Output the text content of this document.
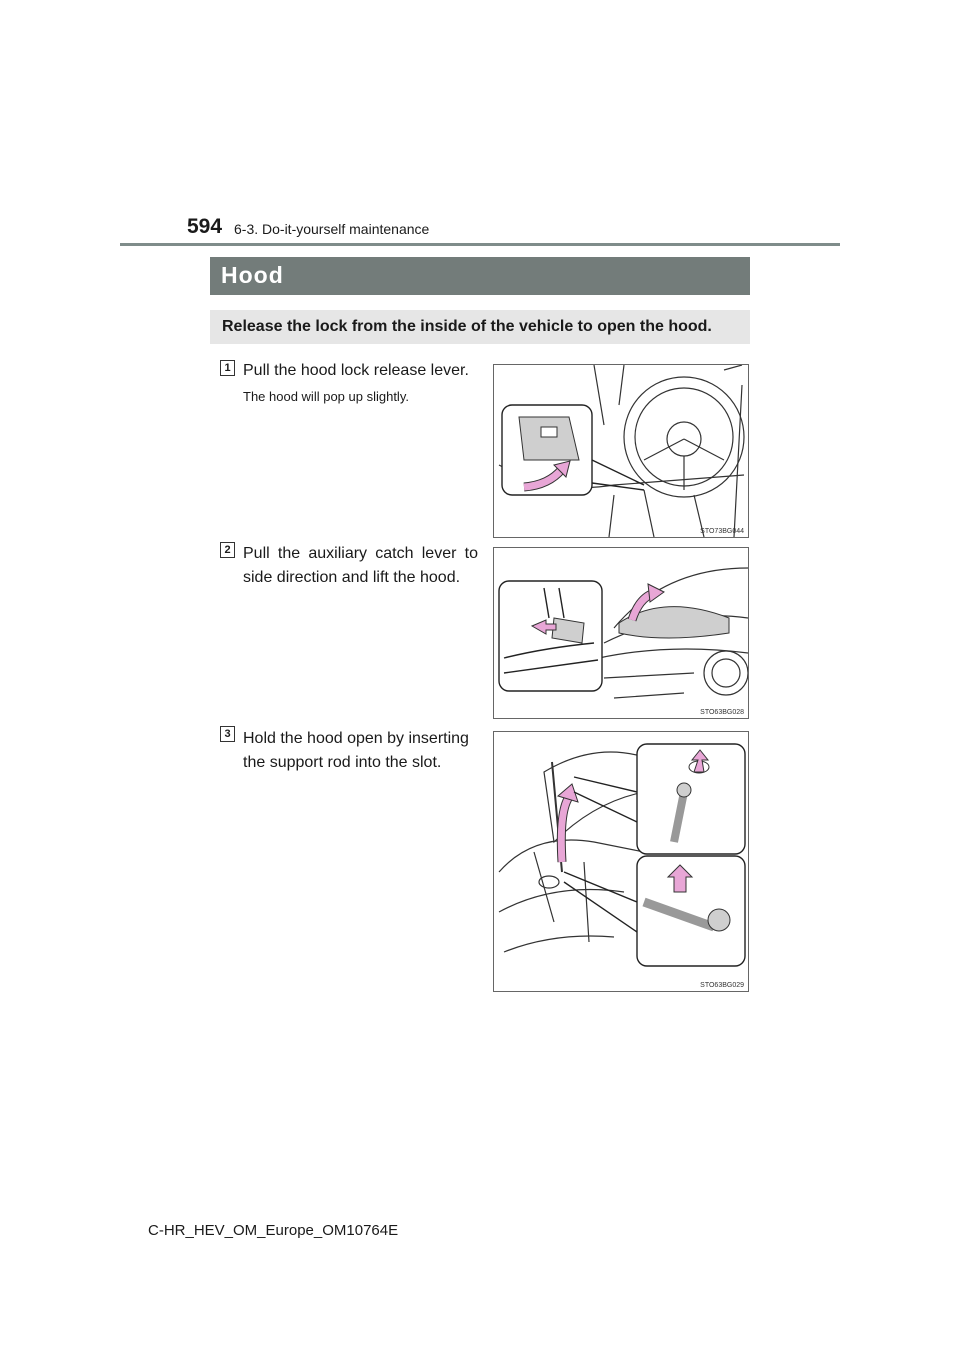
594 6-3. Do-it-yourself maintenance
Hood
Release the lock from the inside of the vehicle to open the hood.
1 Pull the hood lock release lever.
The hood will pop up slightly.
STO73BG044
2 Pull the auxiliary catch lever to
side direction and lift the hood.
STO63BG028
3 Hold the hood open by inserting the support rod into the slot.
STO63BG029
C-HR_HEV_OM_Europe_OM10764E
